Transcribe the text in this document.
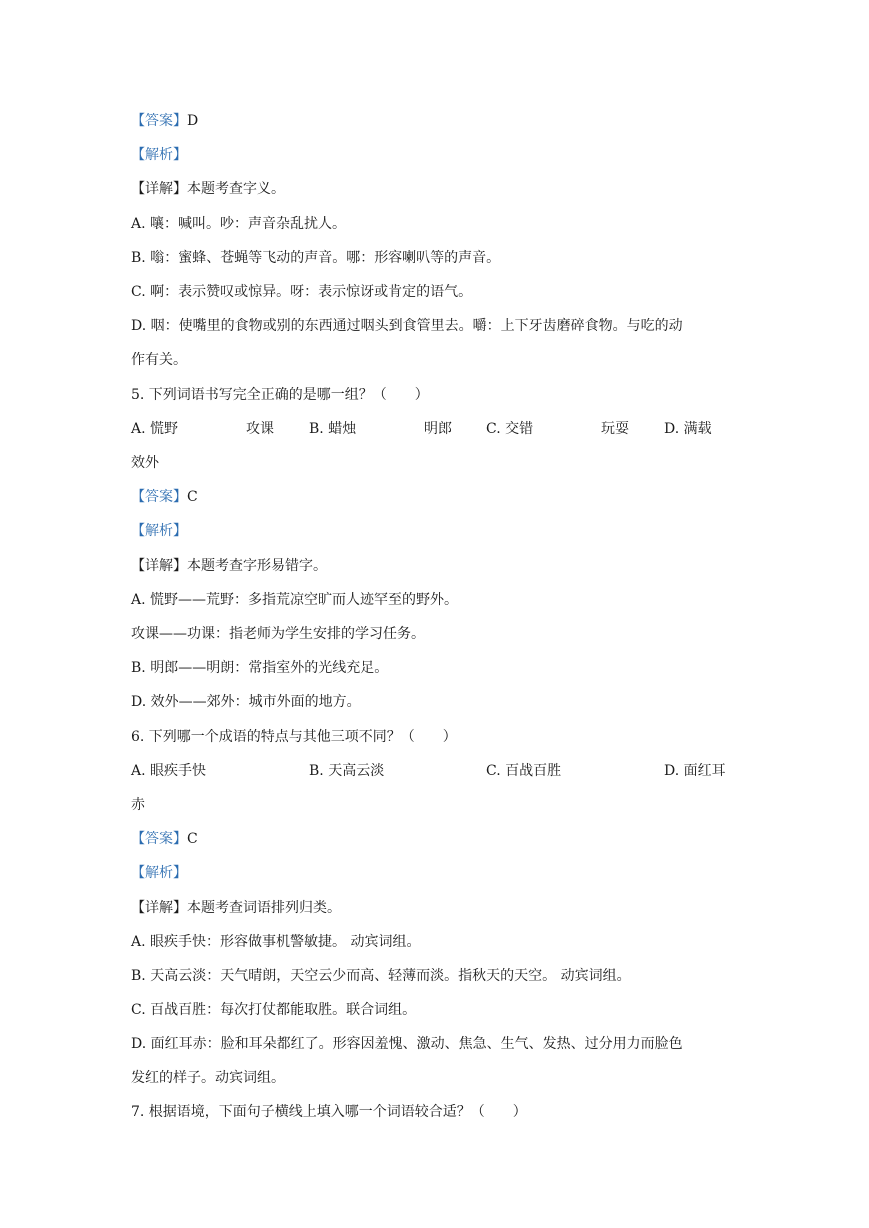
【答案】D
【解析】
【详解】本题考查字义。
A. 嚷：喊叫。吵：声音杂乱扰人。
B. 嗡：蜜蜂、苍蝇等飞动的声音。哪：形容喇叭等的声音。
C. 啊：表示赞叹或惊异。呀：表示惊讶或肯定的语气。
D. 咽：使嘴里的食物或别的东西通过咽头到食管里去。嚼：上下牙齿磨碎食物。与吃的动
作有关。
5. 下列词语书写完全正确的是哪一组？（　　）
A. 慌野	攻课	B. 蜡烛	明郎 C. 交错	玩耍	D. 满载
效外
【答案】C
【解析】
【详解】本题考查字形易错字。
A. 慌野——荒野：多指荒凉空旷而人迹罕至的野外。
攻课——功课：指老师为学生安排的学习任务。
B. 明郎——明朗：常指室外的光线充足。
D. 效外——郊外：城市外面的地方。
6. 下列哪一个成语的特点与其他三项不同？（　　）
A. 眼疾手快	B. 天高云淡	C. 百战百胜	D. 面红耳
赤
【答案】C
【解析】
【详解】本题考查词语排列归类。
A. 眼疾手快：形容做事机警敏捷。 动宾词组。
B. 天高云淡：天气晴朗，天空云少而高、轻薄而淡。指秋天的天空。 动宾词组。
C. 百战百胜：每次打仗都能取胜。联合词组。
D. 面红耳赤：脸和耳朵都红了。形容因羞愧、激动、焦急、生气、发热、过分用力而脸色
发红的样子。动宾词组。
7. 根据语境，下面句子横线上填入哪一个词语较合适？（　　）
